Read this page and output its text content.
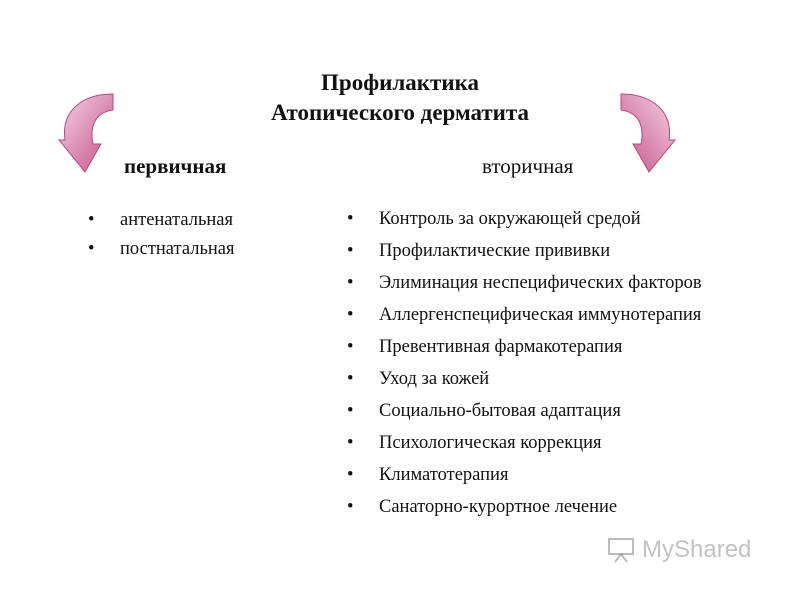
Профилактика
Атопического дерматита
первичная	вторичная
• антенатальная
• постнатальная
• Контроль за окружающей средой
• Профилактические прививки
• Элиминация неспецифических факторов
• Аллергенспецифическая иммунотерапия
• Превентивная фармакотерапия
• Уход за кожей
• Социально-бытовая адаптация
• Психологическая коррекция
• Климатотерапия
• Санаторно-курортное лечение
MyShared
